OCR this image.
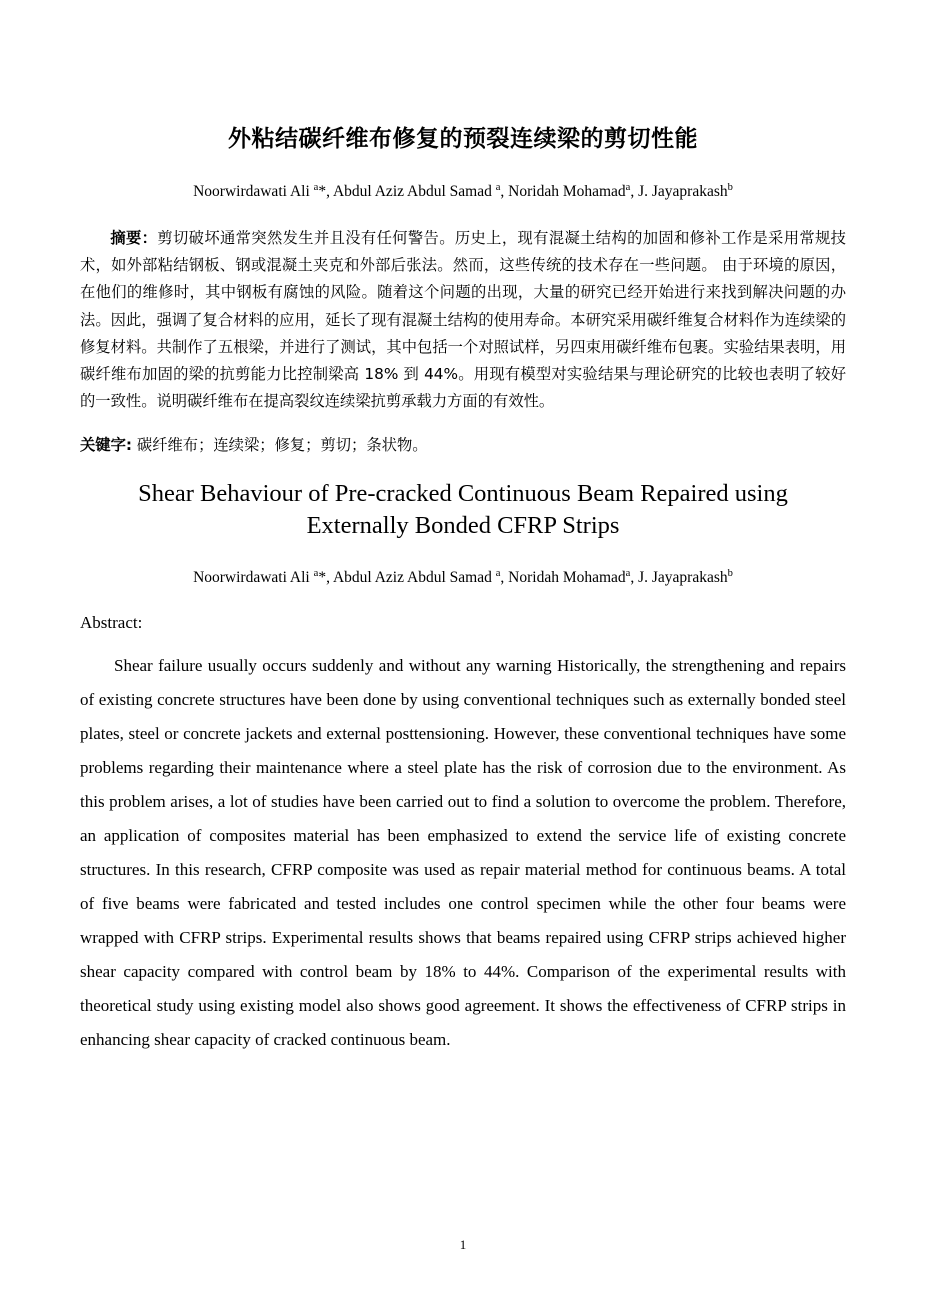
外粘结碳纤维布修复的预裂连续梁的剪切性能
Noorwirdawati Ali $^a$*, Abdul Aziz Abdul Samad $^a$, Noridah Mohamad$^a$, J. Jayaprakash$^b$
摘要：剪切破坏通常突然发生并且没有任何警告。历史上，现有混凝土结构的加固和修补工作是采用常规技术，如外部粘结钢板、钢或混凝土夹克和外部后张法。然而，这些传统的技术存在一些问题。 由于环境的原因，在他们的维修时，其中钢板有腐蚀的风险。随着这个问题的出现，大量的研究已经开始进行来找到解决问题的办法。因此，强调了复合材料的应用，延长了现有混凝土结构的使用寿命。本研究采用碳纤维复合材料作为连续梁的修复材料。共制作了五根梁，并进行了测试，其中包括一个对照试样，另四束用碳纤维布包裹。实验结果表明，用碳纤维布加固的梁的抗剪能力比控制梁高 18% 到 44%。用现有模型对实验结果与理论研究的比较也表明了较好的一致性。说明碳纤维布在提高裂纹连续梁抗剪承载力方面的有效性。
关键字: 碳纤维布；连续梁；修复；剪切；条状物。
Shear Behaviour of Pre-cracked Continuous Beam Repaired using
Externally Bonded CFRP Strips
Noorwirdawati Ali $^a$*, Abdul Aziz Abdul Samad $^a$, Noridah Mohamad$^a$, J. Jayaprakash$^b$
Abstract:
Shear failure usually occurs suddenly and without any warning Historically, the strengthening and repairs of existing concrete structures have been done by using conventional techniques such as externally bonded steel plates, steel or concrete jackets and external posttensioning. However, these conventional techniques have some problems regarding their maintenance where a steel plate has the risk of corrosion due to the environment. As this problem arises, a lot of studies have been carried out to find a solution to overcome the problem. Therefore, an application of composites material has been emphasized to extend the service life of existing concrete structures. In this research, CFRP composite was used as repair material method for continuous beams. A total of five beams were fabricated and tested includes one control specimen while the other four beams were wrapped with CFRP strips. Experimental results shows that beams repaired using CFRP strips achieved higher shear capacity compared with control beam by 18% to 44%. Comparison of the experimental results with theoretical study using existing model also shows good agreement. It shows the effectiveness of CFRP strips in enhancing shear capacity of cracked continuous beam.
1
